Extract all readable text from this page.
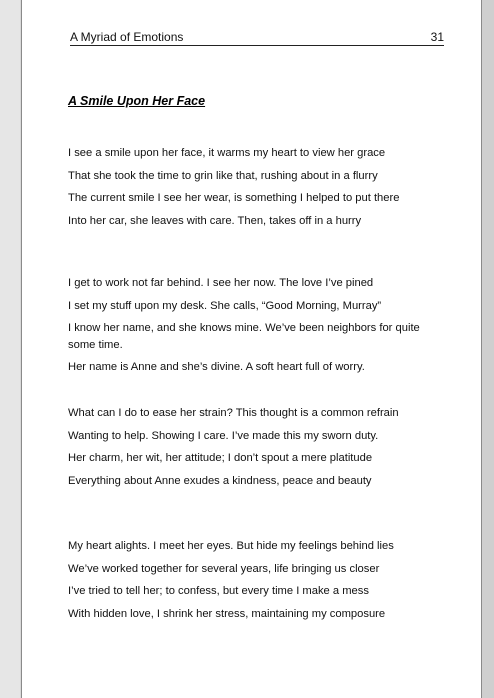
A Myriad of Emotions	31
A Smile Upon Her Face
I see a smile upon her face, it warms my heart to view her grace
That she took the time to grin like that, rushing about in a flurry
The current smile I see her wear, is something I helped to put there
Into her car, she leaves with care. Then, takes off in a hurry
I get to work not far behind. I see her now. The love I’ve pined
I set my stuff upon my desk. She calls, “Good Morning, Murray”
I know her name, and she knows mine. We’ve been neighbors for quite some time.
Her name is Anne and she’s divine. A soft heart full of worry.
What can I do to ease her strain? This thought is a common refrain
Wanting to help. Showing I care. I’ve made this my sworn duty.
Her charm, her wit, her attitude; I don’t spout a mere platitude
Everything about Anne exudes a kindness, peace and beauty
My heart alights. I meet her eyes. But hide my feelings behind lies
We’ve worked together for several years, life bringing us closer
I’ve tried to tell her; to confess, but every time I make a mess
With hidden love, I shrink her stress, maintaining my composure
